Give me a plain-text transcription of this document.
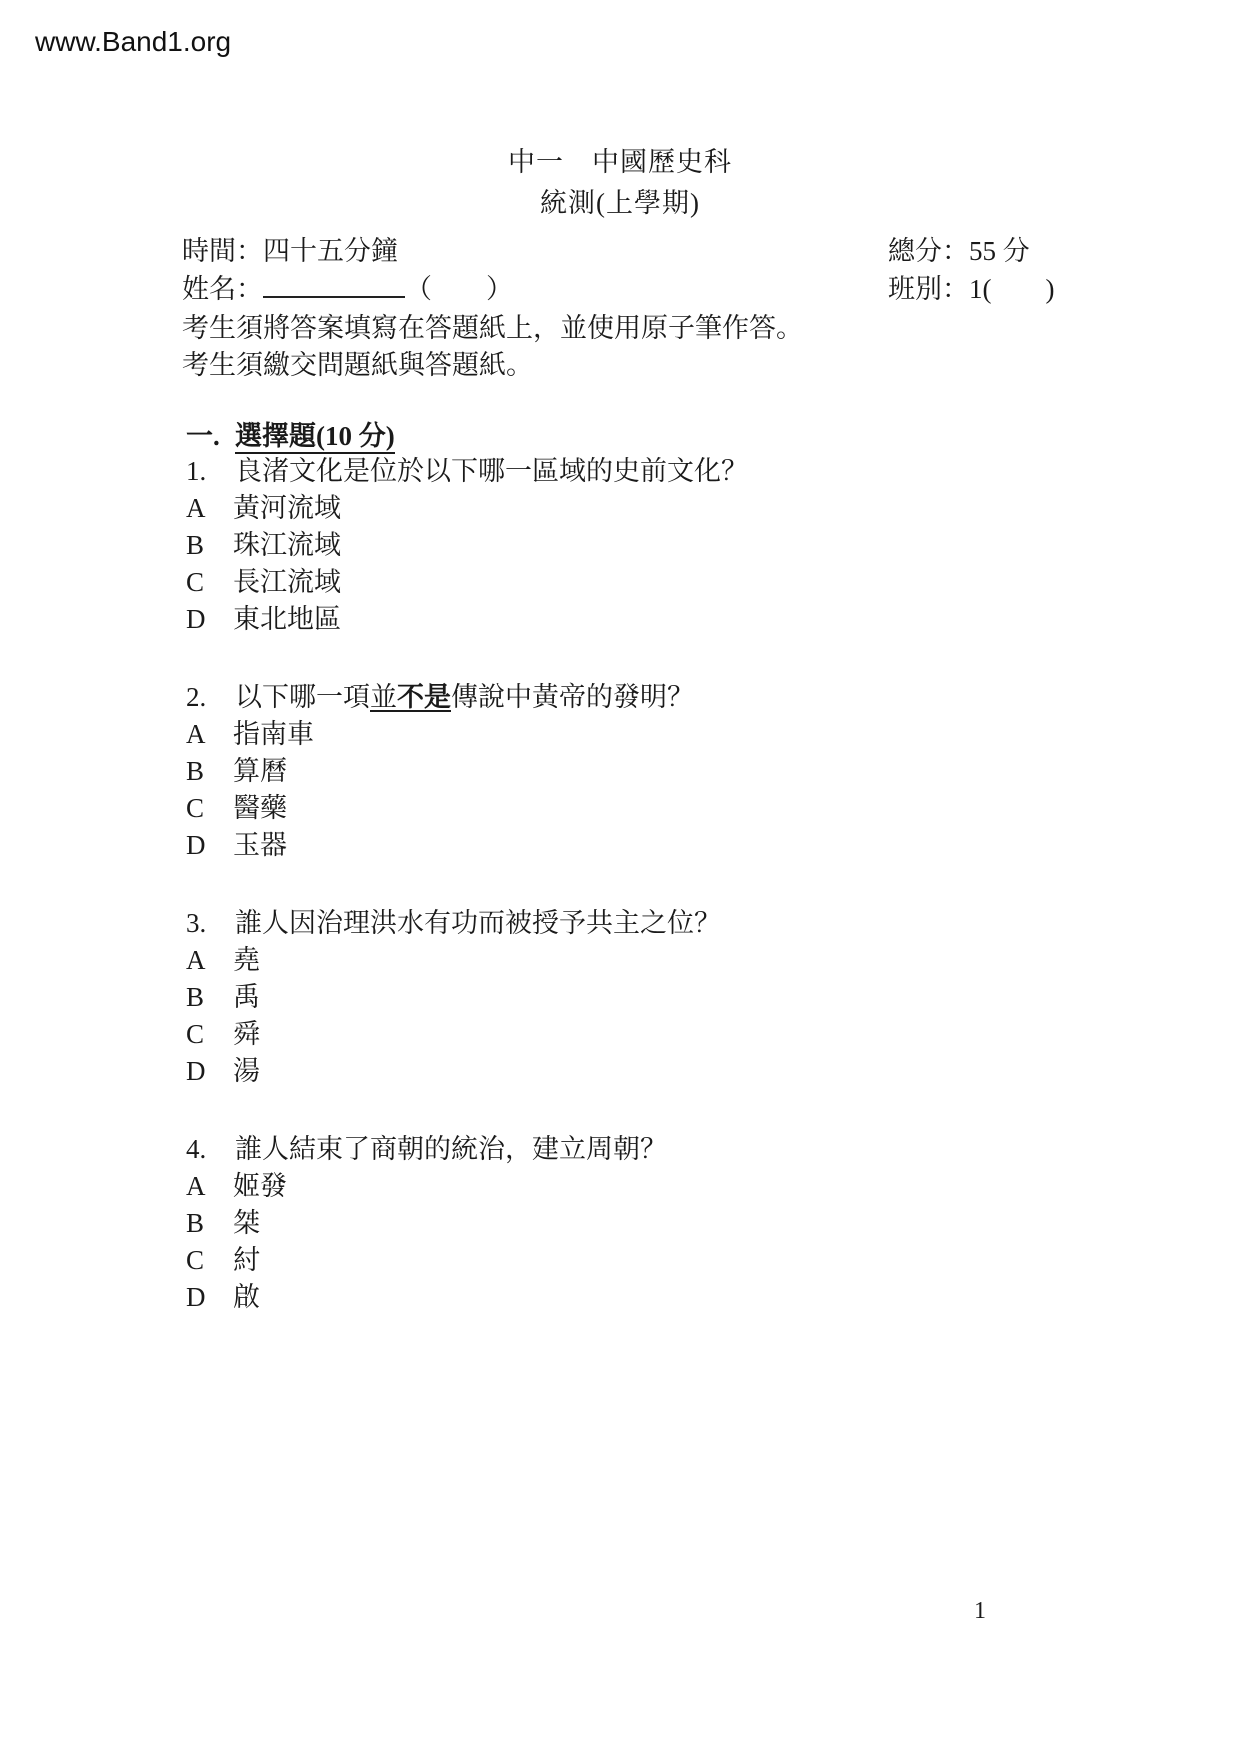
www.Band1.org
中一　中國歷史科
統測(上學期)
時間：四十五分鐘	總分：55 分
姓名：	（　　）	班別：1(　　)
考生須將答案填寫在答題紙上，並使用原子筆作答。
考生須繳交問題紙與答題紙。
一. 選擇題(10 分)
1.	良渚文化是位於以下哪一區域的史前文化？
A	黃河流域
B	珠江流域
C	長江流域
D	東北地區
2.	以下哪一項並不是傳說中黃帝的發明？
A	指南車
B	算曆
C	醫藥
D	玉器
3.	誰人因治理洪水有功而被授予共主之位？
A	堯
B	禹
C	舜
D	湯
4.	誰人結束了商朝的統治，建立周朝？
A	姬發
B	桀
C	紂
D	啟
1
